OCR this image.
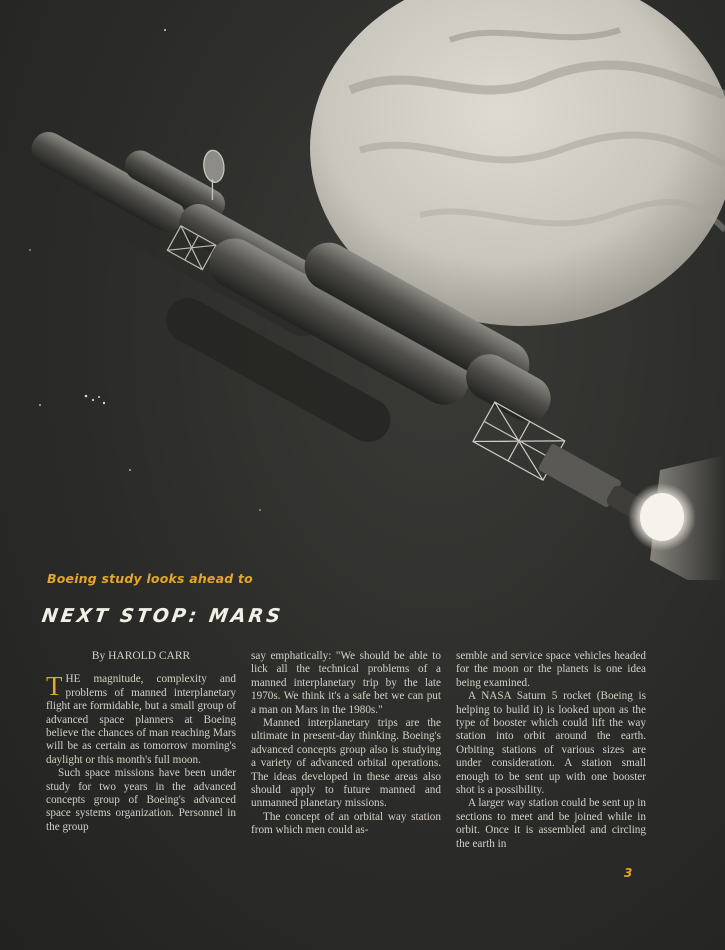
Boeing study looks ahead to
NEXT STOP: MARS

By HAROLD CARR

THE magnitude, complexity and problems of manned interplanetary flight are formidable, but a small group of advanced space planners at Boeing believe the chances of man reaching Mars will be as certain as tomorrow morning's daylight or this month's full moon.

Such space missions have been under study for two years in the advanced concepts group of Boeing's advanced space systems organization. Personnel in the group

say emphatically: "We should be able to lick all the technical problems of a manned interplanetary trip by the late 1970s. We think it's a safe bet we can put a man on Mars in the 1980s."

Manned interplanetary trips are the ultimate in present-day thinking. Boeing's advanced concepts group also is studying a variety of advanced orbital operations. The ideas developed in these areas also should apply to future manned and unmanned planetary missions.

The concept of an orbital way station from which men could as-

semble and service space vehicles headed for the moon or the planets is one idea being examined.

A NASA Saturn 5 rocket (Boeing is helping to build it) is looked upon as the type of booster which could lift the way station into orbit around the earth. Orbiting stations of various sizes are under consideration. A station small enough to be sent up with one booster shot is a possibility.

A larger way station could be sent up in sections to meet and be joined while in orbit. Once it is assembled and circling the earth in

3
